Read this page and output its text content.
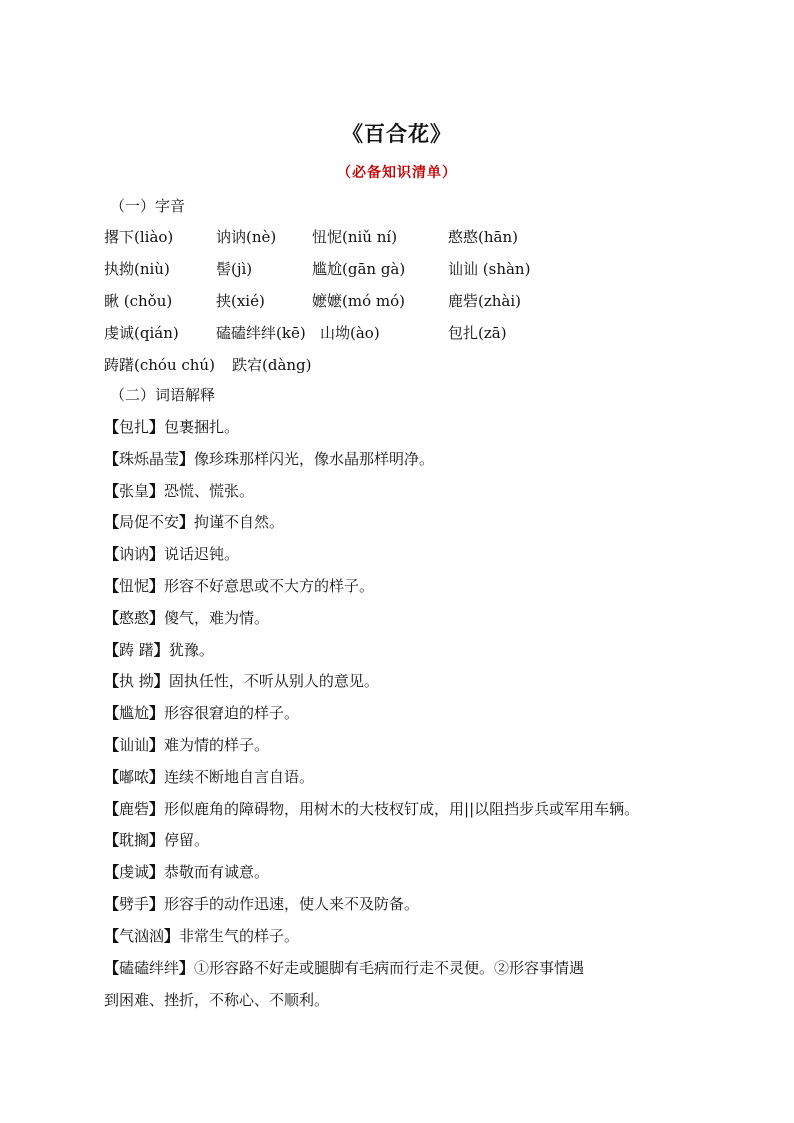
《百合花》
（必备知识清单）
（一）字音
撂下(liào)	讷讷(nè) 忸怩(niǔ ní)	憨憨(hān)
执拗(niù)	髻(jì)	尴尬(gān gà)	讪讪 (shàn)
瞅 (chǒu)	挟(xié)	嬷嬷(mó mó)	鹿砦(zhài)
虔诚(qián) 磕磕绊绊(kē) 山坳(ào)	包扎(zā)
踌躇(chóu chú) 跌宕(dàng)
（二）词语解释
【包扎】包裹捆扎。
【珠烁晶莹】像珍珠那样闪光，像水晶那样明净。
【张皇】恐慌、慌张。
【局促不安】拘谨不自然。
【讷讷】说话迟钝。
【忸怩】形容不好意思或不大方的样子。
【憨憨】傻气，难为情。
【踌 躇】犹豫。
【执 拗】固执任性，不听从别人的意见。
【尴尬】形容很窘迫的样子。
【讪讪】难为情的样子。
【嘟哝】连续不断地自言自语。
【鹿砦】形似鹿角的障碍物，用树木的大枝杈钉成，用||以阻挡步兵或军用车辆。
【耽搁】停留。
【虔诚】恭敬而有诚意。
【劈手】形容手的动作迅速，使人来不及防备。
【气汹汹】非常生气的样子。
【磕磕绊绊】①形容路不好走或腿脚有毛病而行走不灵便。②形容事情遇
到困难、挫折，不称心、不顺利。
